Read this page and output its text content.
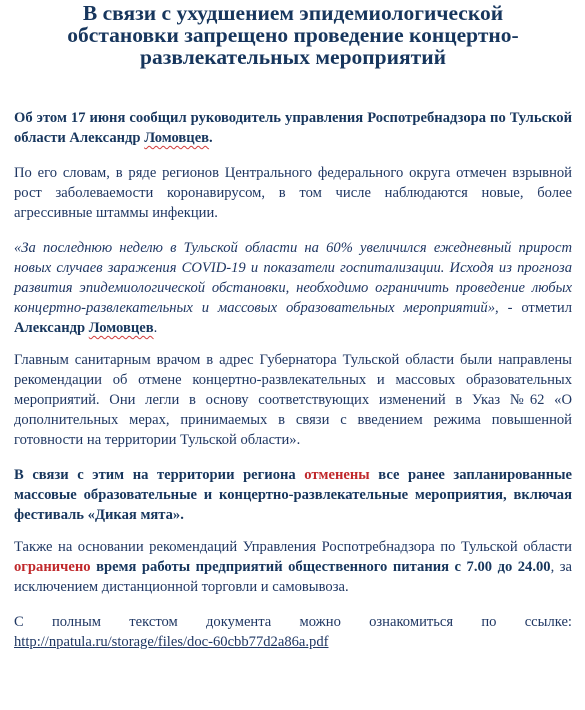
В связи с ухудшением эпидемиологической обстановки запрещено проведение концертно-развлекательных мероприятий

Об этом 17 июня сообщил руководитель управления Роспотребнадзора по Тульской области Александр Ломовцев.

По его словам, в ряде регионов Центрального федерального округа отмечен взрывной рост заболеваемости коронавирусом, в том числе наблюдаются новые, более агрессивные штаммы инфекции.

«За последнюю неделю в Тульской области на 60% увеличился ежедневный прирост новых случаев заражения COVID-19 и показатели госпитализации. Исходя из прогноза развития эпидемиологической обстановки, необходимо ограничить проведение любых концертно-развлекательных и массовых образовательных мероприятий», - отметил Александр Ломовцев.

Главным санитарным врачом в адрес Губернатора Тульской области были направлены рекомендации об отмене концертно-развлекательных и массовых образовательных мероприятий. Они легли в основу соответствующих изменений в Указ №62 «О дополнительных мерах, принимаемых в связи с введением режима повышенной готовности на территории Тульской области».

В связи с этим на территории региона отменены все ранее запланированные массовые образовательные и концертно-развлекательные мероприятия, включая фестиваль «Дикая мята».

Также на основании рекомендаций Управления Роспотребнадзора по Тульской области ограничено время работы предприятий общественного питания с 7.00 до 24.00, за исключением дистанционной торговли и самовывоза.

С полным текстом документа можно ознакомиться по ссылке: http://npatula.ru/storage/files/doc-60cbb77d2a86a.pdf
